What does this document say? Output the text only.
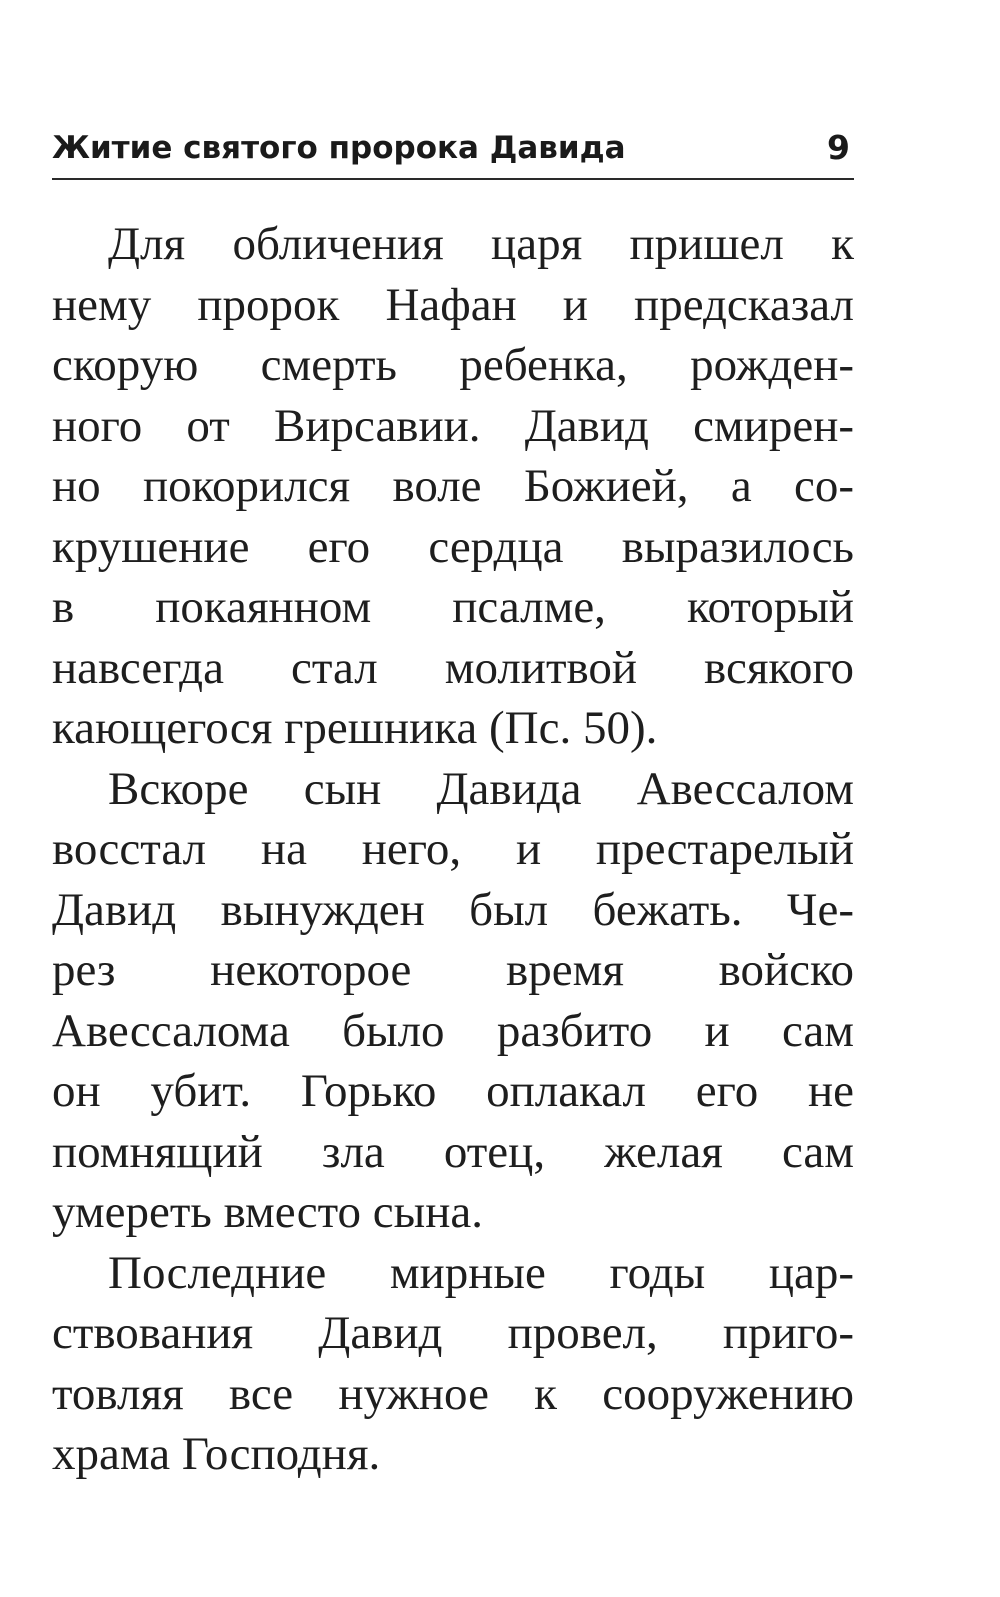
Житие святого пророка Давида	9
Для обличения царя пришел к
нему пророк Нафан и предсказал
скорую смерть ребенка, рожден-
ного от Вирсавии. Давид смирен-
но покорился воле Божией, а со-
крушение его сердца выразилось
в покаянном псалме, который
навсегда стал молитвой всякого
кающегося грешника (Пс. 50).
Вскоре сын Давида Авессалом
восстал на него, и престарелый
Давид вынужден был бежать. Че-
рез некоторое время войско
Авессалома было разбито и сам
он убит. Горько оплакал его не
помнящий зла отец, желая сам
умереть вместо сына.
Последние мирные годы цар-
ствования Давид провел, приго-
товляя все нужное к сооружению
храма Господня.
